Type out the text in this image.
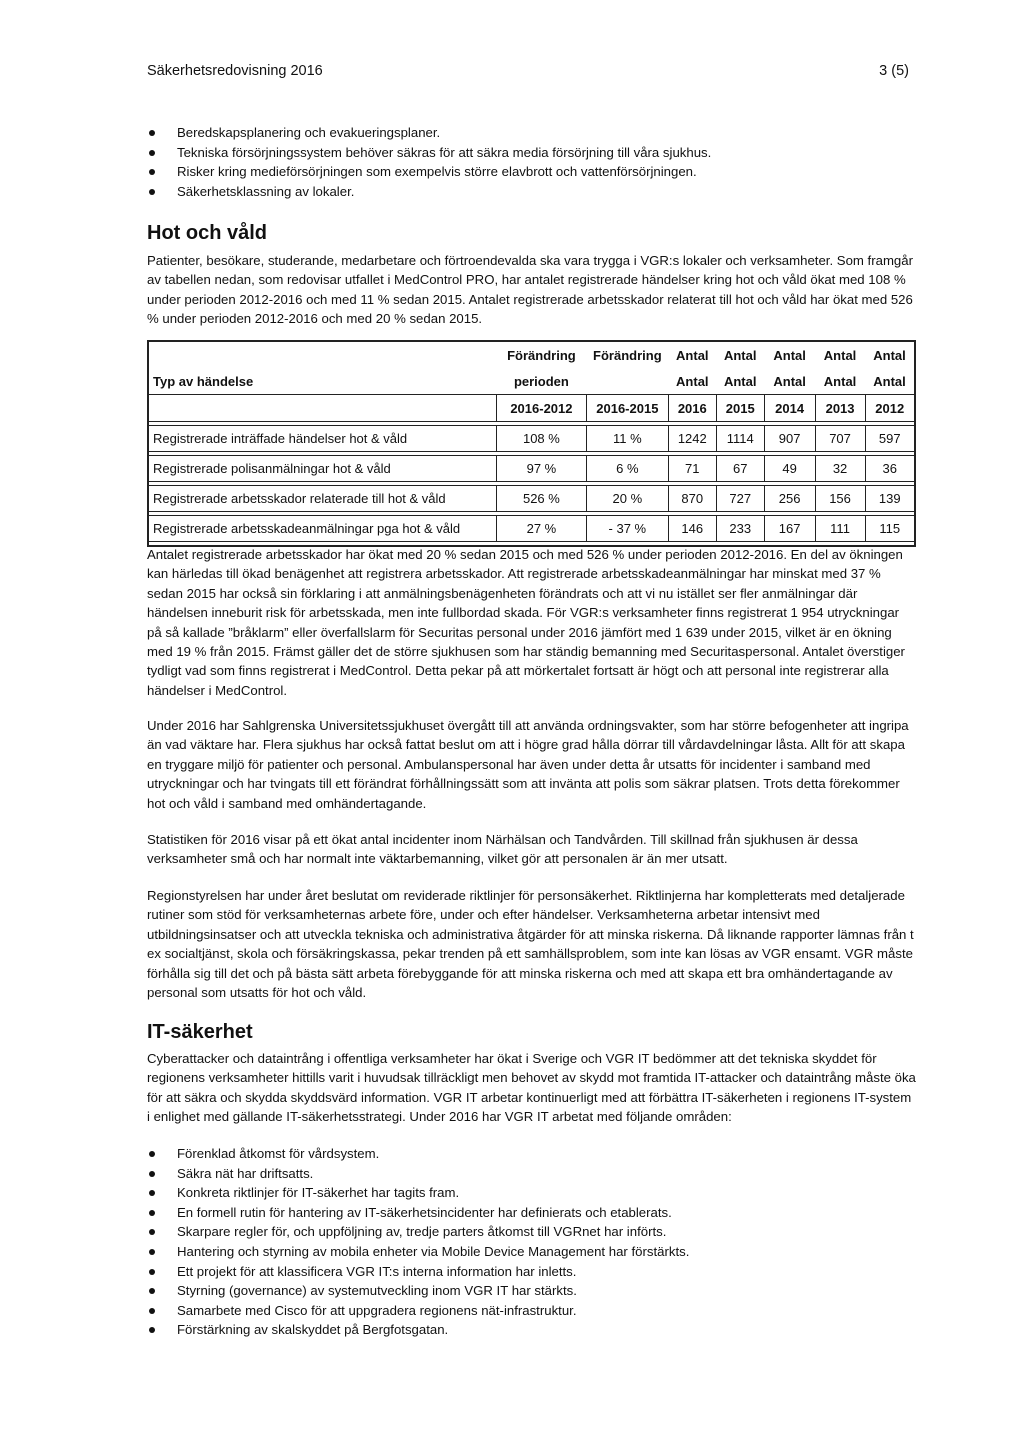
Säkerhetsredovisning 2016	3 (5)
Beredskapsplanering och evakueringsplaner.
Tekniska försörjningssystem behöver säkras för att säkra media försörjning till våra sjukhus.
Risker kring medieförsörjningen som exempelvis större elavbrott och vattenförsörjningen.
Säkerhetsklassning av lokaler.
Hot och våld

Patienter, besökare, studerande, medarbetare och förtroendevalda ska vara trygga i VGR:s lokaler och verksamheter. Som framgår av tabellen nedan, som redovisar utfallet i MedControl PRO, har antalet registrerade händelser kring hot och våld ökat med 108 % under perioden 2012-2016 och med 11 % sedan 2015. Antalet registrerade arbetsskador relaterat till hot och våld har ökat med 526 % under perioden 2012-2016 och med 20 % sedan 2015.

	Förändring	Förändring	Antal	Antal	Antal	Antal	Antal
Typ av händelse	perioden		Antal	Antal	Antal	Antal	Antal
	2016-2012	2016-2015	2016	2015	2014	2013	2012

Registrerade inträffade händelser hot & våld	108 %	11 %	1242	1114	907	707	597

Registrerade polisanmälningar hot & våld	97 %	6 %	71	67	49	32	36

Registrerade arbetsskador relaterade till hot & våld	526 %	20 %	870	727	256	156	139

Registrerade arbetsskadeanmälningar pga hot & våld	27 %	- 37 %	146	233	167	111	115

Antalet registrerade arbetsskador har ökat med 20 % sedan 2015 och med 526 % under perioden 2012-2016. En del av ökningen kan härledas till ökad benägenhet att registrera arbetsskador. Att registrerade arbetsskadeanmälningar har minskat med 37 % sedan 2015 har också sin förklaring i att anmälningsbenägenheten förändrats och att vi nu istället ser fler anmälningar där händelsen inneburit risk för arbetsskada, men inte fullbordad skada. För VGR:s verksamheter finns registrerat 1 954 utryckningar på så kallade ”bråklarm” eller överfallslarm för Securitas personal under 2016 jämfört med 1 639 under 2015, vilket är en ökning med 19 % från 2015. Främst gäller det de större sjukhusen som har ständig bemanning med Securitaspersonal. Antalet överstiger tydligt vad som finns registrerat i MedControl. Detta pekar på att mörkertalet fortsatt är högt och att personal inte registrerar alla händelser i MedControl.

Under 2016 har Sahlgrenska Universitetssjukhuset övergått till att använda ordningsvakter, som har större befogenheter att ingripa än vad väktare har. Flera sjukhus har också fattat beslut om att i högre grad hålla dörrar till vårdavdelningar låsta. Allt för att skapa en tryggare miljö för patienter och personal. Ambulanspersonal har även under detta år utsatts för incidenter i samband med utryckningar och har tvingats till ett förändrat förhållningssätt som att invänta att polis som säkrar platsen. Trots detta förekommer hot och våld i samband med omhändertagande.

Statistiken för 2016 visar på ett ökat antal incidenter inom Närhälsan och Tandvården. Till skillnad från sjukhusen är dessa verksamheter små och har normalt inte väktarbemanning, vilket gör att personalen är än mer utsatt.

Regionstyrelsen har under året beslutat om reviderade riktlinjer för personsäkerhet. Riktlinjerna har kompletterats med detaljerade rutiner som stöd för verksamheternas arbete före, under och efter händelser. Verksamheterna arbetar intensivt med utbildningsinsatser och att utveckla tekniska och administrativa åtgärder för att minska riskerna. Då liknande rapporter lämnas från t ex socialtjänst, skola och försäkringskassa, pekar trenden på ett samhällsproblem, som inte kan lösas av VGR ensamt. VGR måste förhålla sig till det och på bästa sätt arbeta förebyggande för att minska riskerna och med att skapa ett bra omhändertagande av personal som utsatts för hot och våld.

IT-säkerhet

Cyberattacker och dataintrång i offentliga verksamheter har ökat i Sverige och VGR IT bedömmer att det tekniska skyddet för regionens verksamheter hittills varit i huvudsak tillräckligt men behovet av skydd mot framtida IT-attacker och dataintrång måste öka för att säkra och skydda skyddsvärd information. VGR IT arbetar kontinuerligt med att förbättra IT-säkerheten i regionens IT-system i enlighet med gällande IT-säkerhetsstrategi. Under 2016 har VGR IT arbetat med följande områden:

Förenklad åtkomst för vårdsystem.
Säkra nät har driftsatts.
Konkreta riktlinjer för IT-säkerhet har tagits fram.
En formell rutin för hantering av IT-säkerhetsincidenter har definierats och etablerats.
Skarpare regler för, och uppföljning av, tredje parters åtkomst till VGRnet har införts.
Hantering och styrning av mobila enheter via Mobile Device Management har förstärkts.
Ett projekt för att klassificera VGR IT:s interna information har inletts.
Styrning (governance) av systemutveckling inom VGR IT har stärkts.
Samarbete med Cisco för att uppgradera regionens nät-infrastruktur.
Förstärkning av skalskyddet på Bergfotsgatan.
